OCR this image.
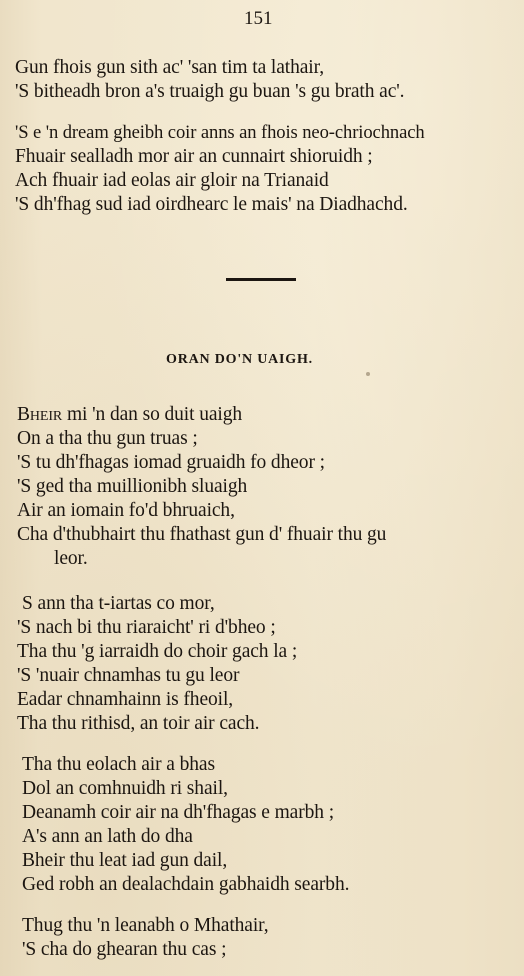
151
Gun fhois gun sith ac' 'san tim ta lathair,
'S bitheadh bron a's truaigh gu buan 's gu brath ac'.
'S e 'n dream gheibh coir anns an fhois neo-chriochnach
Fhuair sealladh mor air an cunnairt shioruidh ;
Ach fhuair iad eolas air gloir na Trianaid
'S dh'fhag sud iad oirdhearc le mais' na Diadhachd.
ORAN DO'N UAIGH.
Bheir mi 'n dan so duit uaigh
On a tha thu gun truas ;
'S tu dh'fhagas iomad gruaidh fo dheor ;
'S ged tha muillionibh sluaigh
Air an iomain fo'd bhruaich,
Cha d'thubhairt thu fhathast gun d' fhuair thu gu
leor.
S ann tha t-iartas co mor,
'S nach bi thu riaraicht' ri d'bheo ;
Tha thu 'g iarraidh do choir gach la ;
'S 'nuair chnamhas tu gu leor
Eadar chnamhainn is fheoil,
Tha thu rithisd, an toir air cach.
Tha thu eolach air a bhas
Dol an comhnuidh ri shail,
Deanamh coir air na dh'fhagas e marbh ;
A's ann an lath do dha
Bheir thu leat iad gun dail,
Ged robh an dealachdain gabhaidh searbh.
Thug thu 'n leanabh o Mhathair,
'S cha do ghearan thu cas ;
